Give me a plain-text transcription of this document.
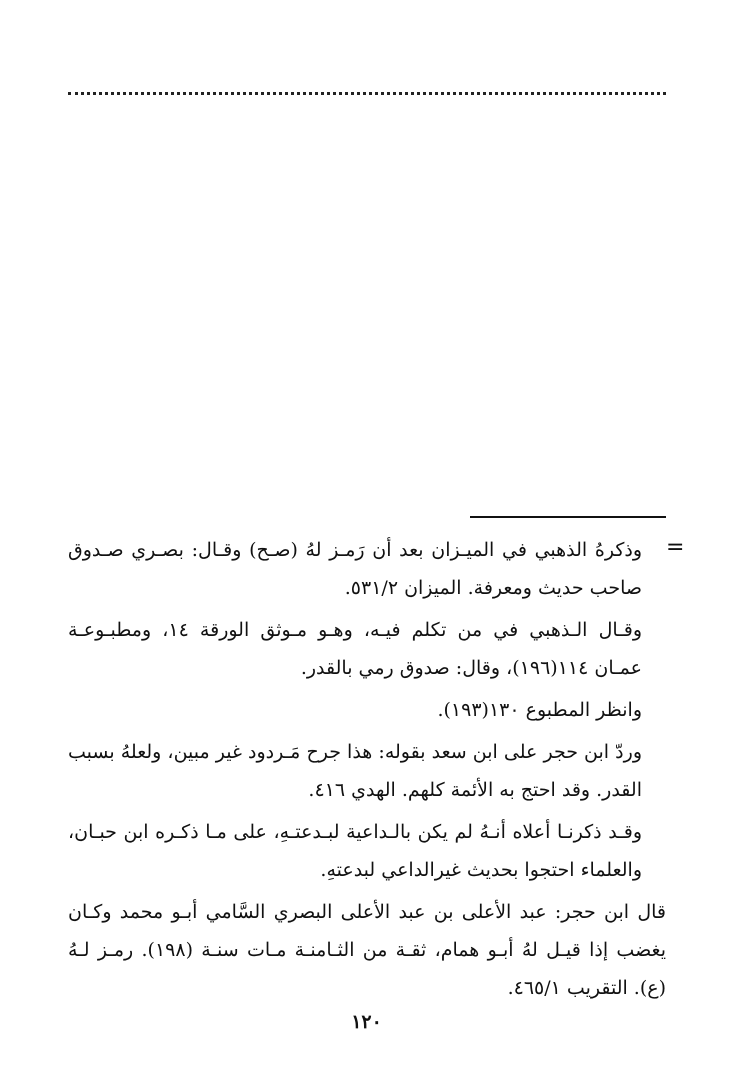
=

وذكرهُ الذهبي في الميـزان بعد أن رَمـز لهُ (صـح) وقـال: بصـري صـدوق صاحب حديث ومعرفة. الميزان ٥٣١/٢.

وقـال الـذهبي في من تكلم فيـه، وهـو مـوثق الورقة ١٤، ومطبـوعـة عمـان ١١٤(١٩٦)، وقال: صدوق رمي بالقدر.

وانظر المطبوع ١٣٠(١٩٣).

وردّ ابن حجر على ابن سعد بقوله: هذا جرح مَـردود غير مبين، ولعلهُ بسبب القدر. وقد احتج به الأئمة كلهم. الهدي ٤١٦.

وقـد ذكرنـا أعلاه أنـهُ لم يكن بالـداعية لبـدعتـهِ، على مـا ذكـره ابن حبـان، والعلماء احتجوا بحديث غيرالداعي لبدعتهِ.

قال ابن حجر: عبد الأعلى بن عبد الأعلى البصري السَّامي أبـو محمد وكـان يغضب إذا قيـل لهُ أبـو همام، ثقـة من الثـامنـة مـات سنـة (١٩٨). رمـز لـهُ (ع). التقريب ٤٦٥/١.

١٢٠
